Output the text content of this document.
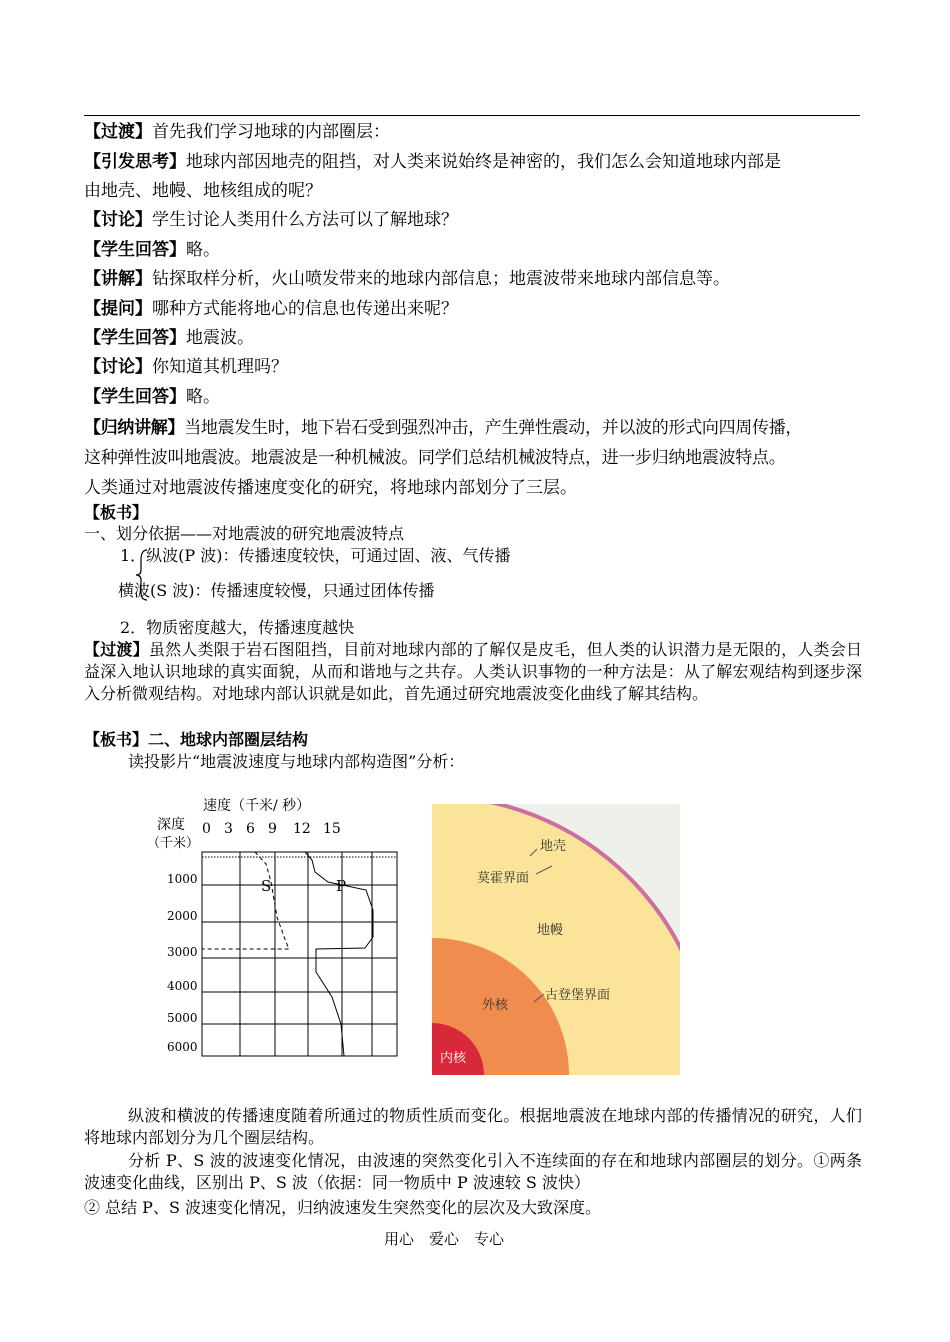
【过渡】首先我们学习地球的内部圈层：
【引发思考】地球内部因地壳的阻挡，对人类来说始终是神密的，我们怎么会知道地球内部是
由地壳、地幔、地核组成的呢？
【讨论】学生讨论人类用什么方法可以了解地球？
【学生回答】略。
【讲解】钻探取样分析，火山喷发带来的地球内部信息；地震波带来地球内部信息等。
【提问】哪种方式能将地心的信息也传递出来呢？
【学生回答】地震波。
【讨论】你知道其机理吗？
【学生回答】略。
【归纳讲解】当地震发生时，地下岩石受到强烈冲击，产生弹性震动，并以波的形式向四周传播，
这种弹性波叫地震波。地震波是一种机械波。同学们总结机械波特点，进一步归纳地震波特点。
人类通过对地震波传播速度变化的研究，将地球内部划分了三层。
【板书】
一、划分依据——对地震波的研究地震波特点
1．纵波(P 波)：传播速度较快，可通过固、液、气传播
横波(S 波)：传播速度较慢，只通过团体传播
2．物质密度越大，传播速度越快
【过渡】虽然人类限于岩石图阻挡，目前对地球内部的了解仅是皮毛，但人类的认识潜力是无限的，人类会日益深入地认识地球的真实面貌，从而和谐地与之共存。人类认识事物的一种方法是：从了解宏观结构到逐步深入分析微观结构。对地球内部认识就是如此，首先通过研究地震波变化曲线了解其结构。
【板书】二、地球内部圈层结构
读投影片“地震波速度与地球内部构造图”分析：
速度（千米/ 秒）
深度
（千米）
0 3 6 9 12 15
1000
2000
3000
4000
5000
6000
S	P
地壳
莫霍界面
地幔
古登堡界面
外核
内核
纵波和横波的传播速度随着所通过的物质性质而变化。根据地震波在地球内部的传播情况的研究，人们将地球内部划分为几个圈层结构。
分析 P、S 波的波速变化情况，由波速的突然变化引入不连续面的存在和地球内部圈层的划分。①两条波速变化曲线，区别出 P、S 波（依据：同一物质中 P 波速较 S 波快）
② 总结 P、S 波速变化情况，归纳波速发生突然变化的层次及大致深度。
用心　爱心　专心
